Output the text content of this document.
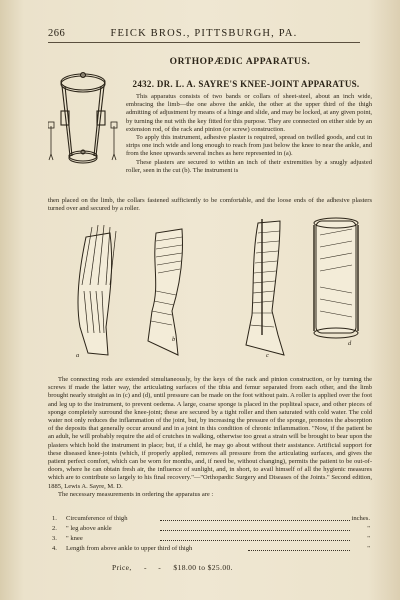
266	FEICK BROS., PITTSBURGH, PA.
ORTHOPÆDIC APPARATUS.
2432. DR. L. A. SAYRE'S KNEE-JOINT APPARATUS.

This apparatus consists of two bands or collars of sheet-steel, about an inch wide, embracing the limb—the one above the ankle, the other at the upper third of the thigh admitting of adjustment by means of a hinge and slide, and may be locked, at any given point, by turning the nut with the key fitted for this purpose. They are connected on either side by an extension rod, of the rack and pinion (or screw) construction.

To apply this instrument, adhesive plaster is required, spread on twilled goods, and cut in strips one inch wide and long enough to reach from just below the knee to near the ankle, and from the knee upwards several inches as here represented in (a).

These plasters are secured to within an inch of their extremities by a snugly adjusted roller, seen in the cut (b). The instrument is

then placed on the limb, the collars fastened sufficiently to be comfortable, and the loose ends of the adhesive plasters turned over and secured by a roller.
a
b
c
d

The connecting rods are extended simultaneously, by the keys of the rack and pinion construction, or by turning the screws if made the latter way, the articulating surfaces of the tibia and femur separated from each other, and the limb brought nearly straight as in (c) and (d), until pressure can be made on the foot without pain. A roller is applied over the foot and leg up to the instrument, to prevent oedema. A large, coarse sponge is placed in the popliteal space, and other pieces of sponge completely surround the knee-joint; these are secured by a tight roller and then saturated with cold water. The cold water not only reduces the inflammation of the joint, but, by increasing the pressure of the sponge, promotes the absorption of the deposits that generally occur around and in a joint in this condition of chronic inflammation. "Now, if the patient be an adult, he will probably require the aid of crutches in walking, otherwise too great a strain will be brought to bear upon the plasters which hold the instrument in place; but, if a child, he may go about without their assistance. Artificial support for these diseased knee-joints (which, if properly applied, removes all pressure from the articulating surfaces, and gives the patient perfect comfort, which can be worn for months, and, if need be, without changing), permits the patient to be out-of-doors, where he can obtain fresh air, the influence of sunlight, and, in short, to avail himself of all the hygienic measures which are to contribute so largely to his final recovery."—"Orthopædic Surgery and Diseases of the Joints." Second edition, 1885, Lewis A. Sayre, M. D.

The necessary measurements in ordering the apparatus are :

1. Circumference of thigh	inches.
2. " leg above ankle	"
3. " knee	"
4. Length from above ankle to upper third of thigh	"
Price, -     - $18.00 to $25.00.
